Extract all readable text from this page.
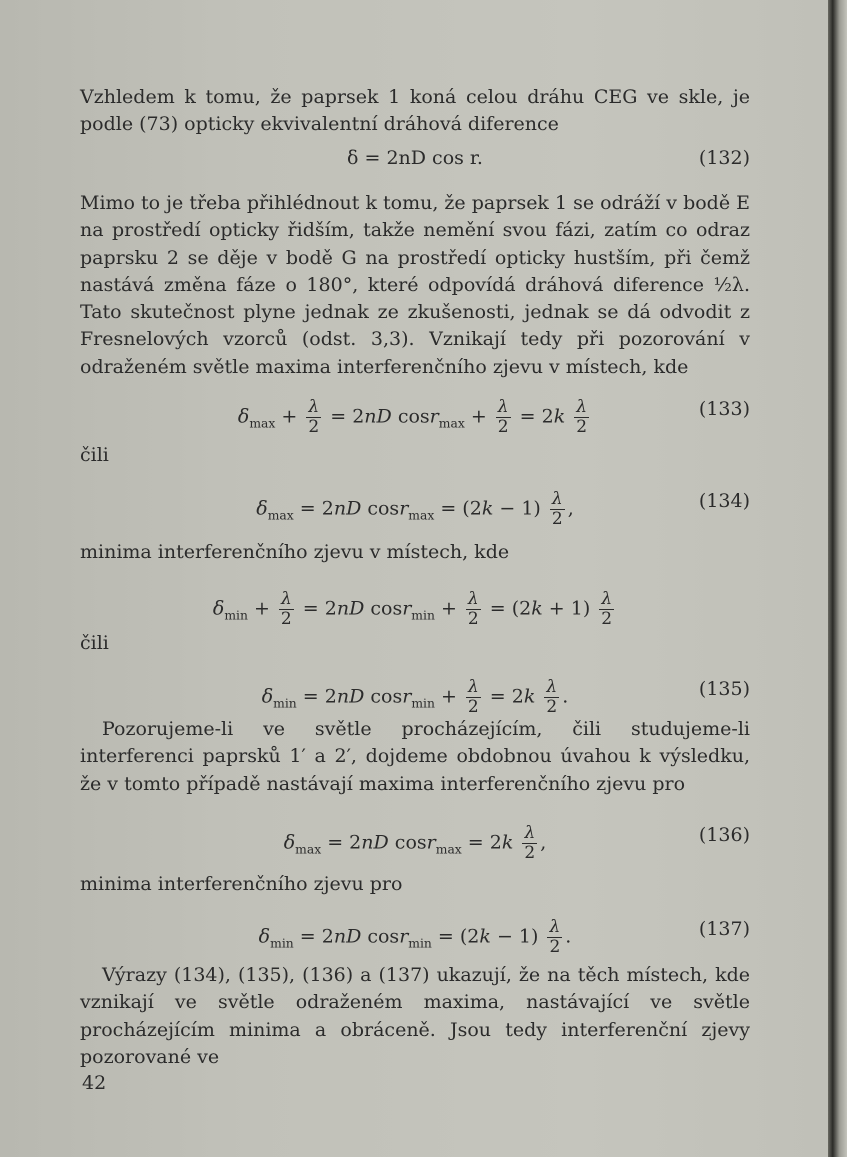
Vzhledem k tomu, že paprsek 1 koná celou dráhu CEG ve skle, je podle (73) opticky ekvivalentní dráhová diference
δ = 2nD cos r.	(132)
Mimo to je třeba přihlédnout k tomu, že paprsek 1 se odráží v bodě E na prostředí opticky řidším, takže nemění svou fázi, zatím co odraz paprsku 2 se děje v bodě G na prostředí opticky hustším, při čemž nastává změna fáze o 180°, které odpovídá dráhová diference ½λ. Tato skutečnost plyne jednak ze zkušenosti, jednak se dá odvodit z Fresnelových vzorců (odst. 3,3). Vznikají tedy při pozorování v odraženém světle maxima interferenčního zjevu v místech, kde
$\delta_{max} + \frac{\lambda}{2} = 2nD$ $\cos r_{max} + \frac{\lambda}{2} = 2k \frac{\lambda}{2}$	(133)
čili
$\delta_{max} = 2nD$ $\cos r_{max} = (2k - 1) \frac{\lambda}{2}$ ,	(134)
minima interferenčního zjevu v místech, kde
$\delta_{min} + \frac{\lambda}{2} = 2nD$ $\cos r_{min} + \frac{\lambda}{2} = (2k + 1) \frac{\lambda}{2}$
čili
$\delta_{min} = 2nD$ $\cos r_{min} + \frac{\lambda}{2} = 2k \frac{\lambda}{2}$ .	(135)
Pozorujeme-li ve světle procházejícím, čili studujeme-li interferenci paprsků 1′ a 2′, dojdeme obdobnou úvahou k výsledku, že v tomto případě nastávají maxima interferenčního zjevu pro
$\delta_{max} = 2nD$ $\cos r_{max} = 2k \frac{\lambda}{2}$ ,	(136)
minima interferenčního zjevu pro
$\delta_{min} = 2nD$ $\cos r_{min} = (2k - 1) \frac{\lambda}{2}$ .	(137)
Výrazy (134), (135), (136) a (137) ukazují, že na těch místech, kde vznikají ve světle odraženém maxima, nastávající ve světle procházejícím minima a obráceně. Jsou tedy interferenční zjevy pozorované ve
42
